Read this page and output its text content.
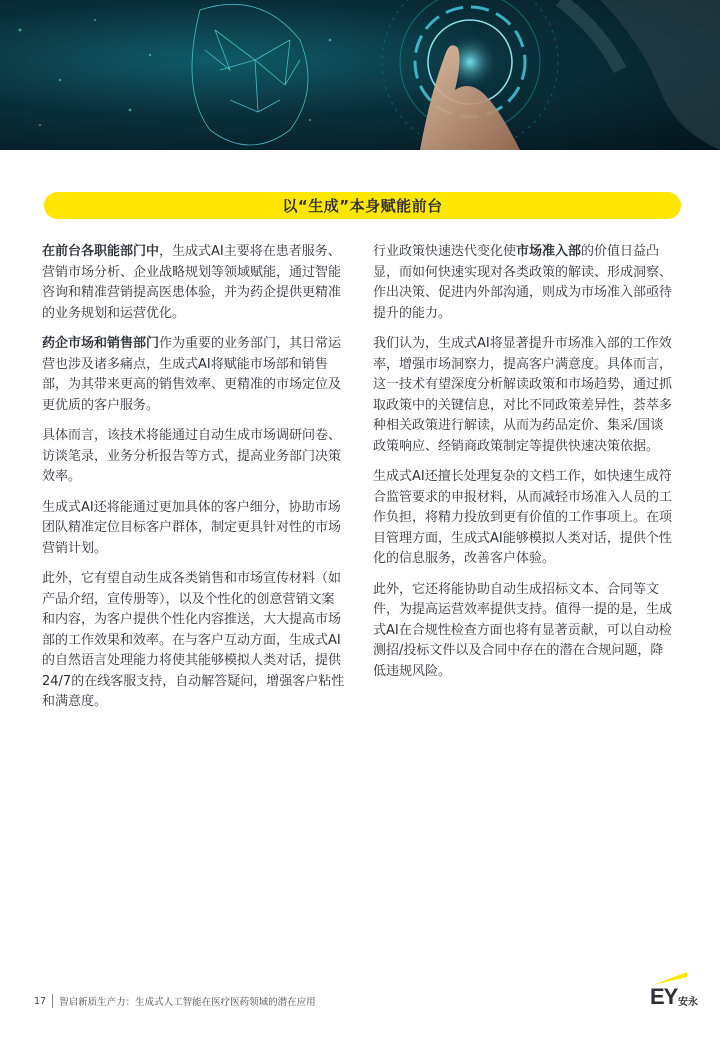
以“生成”本身赋能前台

在前台各职能部门中，生成式AI主要将在患者服务、营销市场分析、企业战略规划等领域赋能，通过智能咨询和精准营销提高医患体验，并为药企提供更精准的业务规划和运营优化。

药企市场和销售部门作为重要的业务部门，其日常运营也涉及诸多痛点，生成式AI将赋能市场部和销售部，为其带来更高的销售效率、更精准的市场定位及更优质的客户服务。

具体而言，该技术将能通过自动生成市场调研问卷、访谈笔录，业务分析报告等方式，提高业务部门决策效率。

生成式AI还将能通过更加具体的客户细分，协助市场团队精准定位目标客户群体，制定更具针对性的市场营销计划。

此外，它有望自动生成各类销售和市场宣传材料（如产品介绍，宣传册等），以及个性化的创意营销文案和内容，为客户提供个性化内容推送，大大提高市场部的工作效果和效率。在与客户互动方面，生成式AI的自然语言处理能力将使其能够模拟人类对话，提供24/7的在线客服支持，自动解答疑问，增强客户粘性和满意度。

行业政策快速迭代变化使市场准入部的价值日益凸显，而如何快速实现对各类政策的解读、形成洞察、作出决策、促进内外部沟通，则成为市场准入部亟待提升的能力。

我们认为，生成式AI将显著提升市场准入部的工作效率，增强市场洞察力，提高客户满意度。具体而言，这一技术有望深度分析解读政策和市场趋势，通过抓取政策中的关键信息，对比不同政策差异性，荟萃多种相关政策进行解读，从而为药品定价、集采/国谈政策响应、经销商政策制定等提供快速决策依据。

生成式AI还擅长处理复杂的文档工作，如快速生成符合监管要求的申报材料，从而减轻市场准入人员的工作负担，将精力投放到更有价值的工作事项上。在项目管理方面，生成式AI能够模拟人类对话，提供个性化的信息服务，改善客户体验。

此外，它还将能协助自动生成招标文本、合同等文件，为提高运营效率提供支持。值得一提的是，生成式AI在合规性检查方面也将有显著贡献，可以自动检测招/投标文件以及合同中存在的潜在合规问题，降低违规风险。

17	智启新质生产力：生成式人工智能在医疗医药领域的潜在应用	EY 安永
